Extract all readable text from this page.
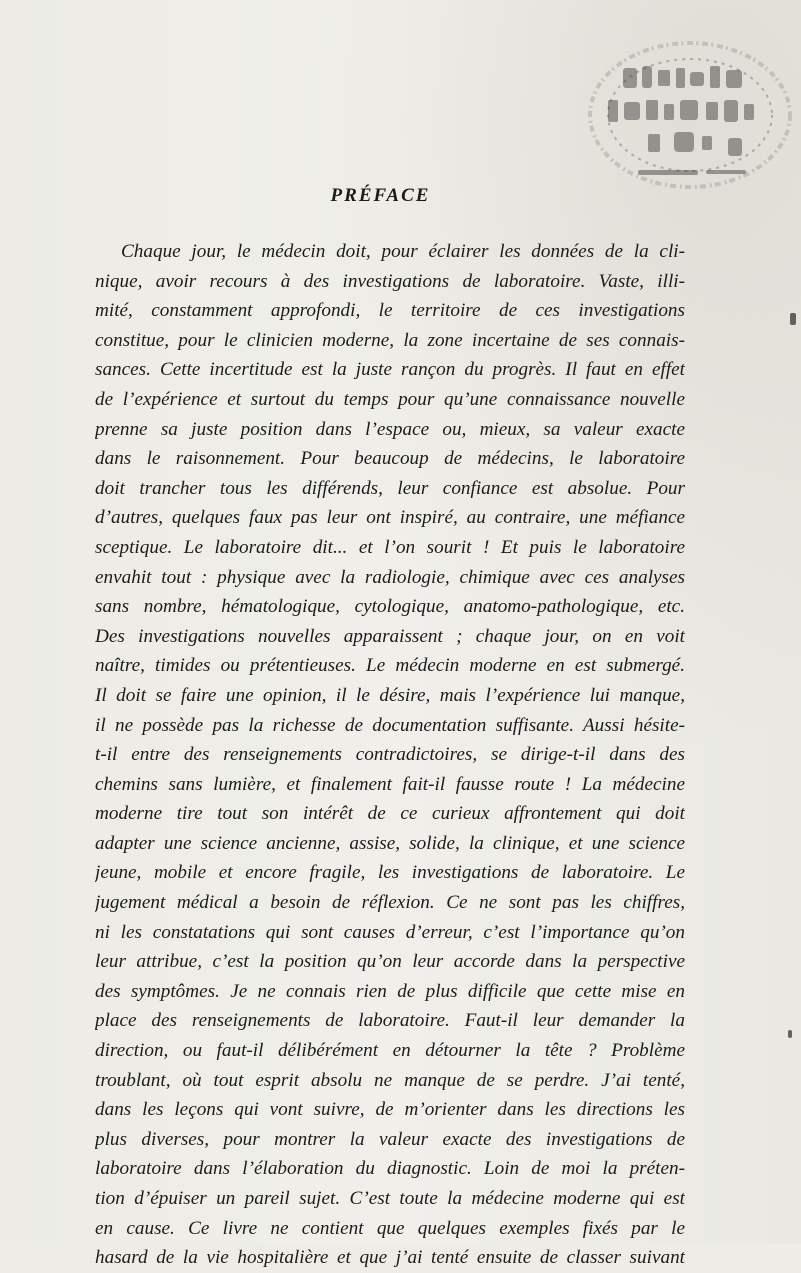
PRÉFACE
Chaque jour, le médecin doit, pour éclairer les données de la cli-
nique, avoir recours à des investigations de laboratoire. Vaste, illi-
mité, constamment approfondi, le territoire de ces investigations
constitue, pour le clinicien moderne, la zone incertaine de ses connais-
sances. Cette incertitude est la juste rançon du progrès. Il faut en effet
de l’expérience et surtout du temps pour qu’une connaissance nouvelle
prenne sa juste position dans l’espace ou, mieux, sa valeur exacte
dans le raisonnement. Pour beaucoup de médecins, le laboratoire
doit trancher tous les différends, leur confiance est absolue. Pour
d’autres, quelques faux pas leur ont inspiré, au contraire, une méfiance
sceptique. Le laboratoire dit... et l’on sourit ! Et puis le laboratoire
envahit tout : physique avec la radiologie, chimique avec ces analyses
sans nombre, hématologique, cytologique, anatomo-pathologique, etc.
Des investigations nouvelles apparaissent ; chaque jour, on en voit
naître, timides ou prétentieuses. Le médecin moderne en est submergé.
Il doit se faire une opinion, il le désire, mais l’expérience lui manque,
il ne possède pas la richesse de documentation suffisante. Aussi hésite-
t-il entre des renseignements contradictoires, se dirige-t-il dans des
chemins sans lumière, et finalement fait-il fausse route ! La médecine
moderne tire tout son intérêt de ce curieux affrontement qui doit
adapter une science ancienne, assise, solide, la clinique, et une science
jeune, mobile et encore fragile, les investigations de laboratoire. Le
jugement médical a besoin de réflexion. Ce ne sont pas les chiffres,
ni les constatations qui sont causes d’erreur, c’est l’importance qu’on
leur attribue, c’est la position qu’on leur accorde dans la perspective
des symptômes. Je ne connais rien de plus difficile que cette mise en
place des renseignements de laboratoire. Faut-il leur demander la
direction, ou faut-il délibérément en détourner la tête ? Problème
troublant, où tout esprit absolu ne manque de se perdre. J’ai tenté,
dans les leçons qui vont suivre, de m’orienter dans les directions les
plus diverses, pour montrer la valeur exacte des investigations de
laboratoire dans l’élaboration du diagnostic. Loin de moi la préten-
tion d’épuiser un pareil sujet. C’est toute la médecine moderne qui est
en cause. Ce livre ne contient que quelques exemples fixés par le
hasard de la vie hospitalière et que j’ai tenté ensuite de classer suivant
